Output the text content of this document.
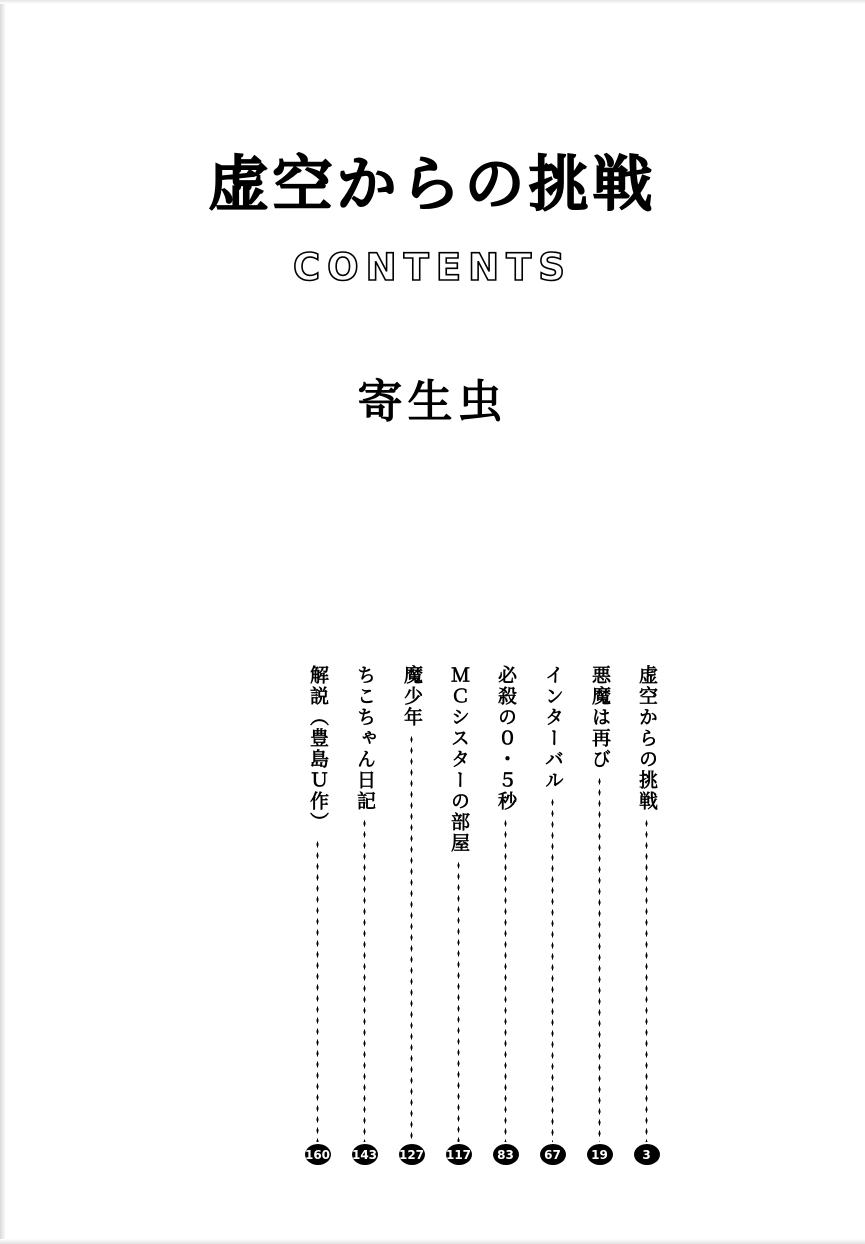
虚空からの挑戦
CONTENTS
寄生虫
虚空からの挑戦
3
悪魔は再び
19
インターバル
67
必殺の０・５秒
83
ＭＣシスターの部屋
117
魔少年
127
ちこちゃん日記
143
解説（豊島Ｕ作）
160
